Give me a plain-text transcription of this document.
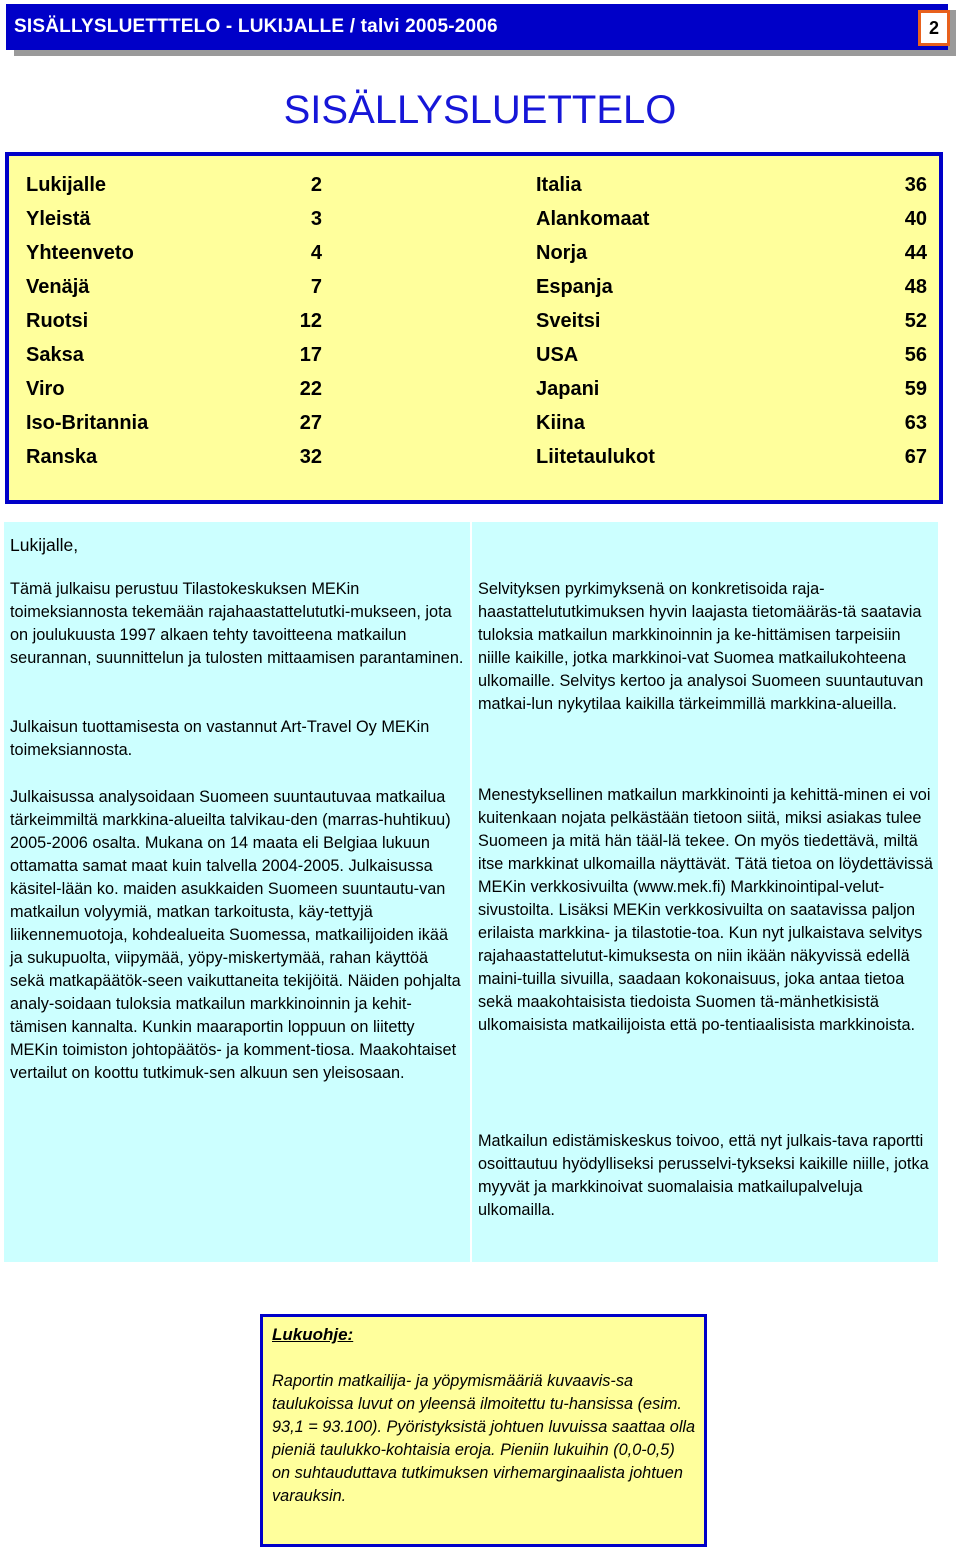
SISÄLLYSLUETTTELO - LUKIJALLE / talvi 2005-2006	2
SISÄLLYSLUETTELO
Lukijalle	2
Yleistä	3
Yhteenveto	4
Venäjä	7
Ruotsi	12
Saksa	17
Viro	22
Iso-Britannia	27
Ranska	32
Italia	36
Alankomaat	40
Norja	44
Espanja	48
Sveitsi	52
USA	56
Japani	59
Kiina	63
Liitetaulukot	67
Lukijalle,
Tämä julkaisu perustuu Tilastokeskuksen MEKin toimeksiannosta tekemään rajahaastattelututki-mukseen, jota on joulukuusta 1997 alkaen tehty tavoitteena matkailun seurannan, suunnittelun ja tulosten mittaamisen parantaminen.
Julkaisun tuottamisesta on vastannut Art-Travel Oy MEKin toimeksiannosta.
Julkaisussa analysoidaan Suomeen suuntautuvaa matkailua tärkeimmiltä markkina-alueilta talvikau-den (marras-huhtikuu) 2005-2006 osalta. Mukana on 14 maata eli Belgiaa lukuun ottamatta samat maat kuin talvella 2004-2005. Julkaisussa käsitel-lään ko. maiden asukkaiden Suomeen suuntautu-van matkailun volyymiä, matkan tarkoitusta, käy-tettyjä liikennemuotoja, kohdealueita Suomessa, matkailijoiden ikää ja sukupuolta, viipymää, yöpy-miskertymää, rahan käyttöä sekä matkapäätök-seen vaikuttaneita tekijöitä. Näiden pohjalta analy-soidaan tuloksia matkailun markkinoinnin ja kehit-tämisen kannalta. Kunkin maaraportin loppuun on liitetty MEKin toimiston johtopäätös- ja komment-tiosa. Maakohtaiset vertailut on koottu tutkimuk-sen alkuun sen yleisosaan.
Selvityksen pyrkimyksenä on konkretisoida raja-haastattelututkimuksen hyvin laajasta tietomääräs-tä saatavia tuloksia matkailun markkinoinnin ja ke-hittämisen tarpeisiin niille kaikille, jotka markkinoi-vat Suomea matkailukohteena ulkomaille. Selvitys kertoo ja analysoi Suomeen suuntautuvan matkai-lun nykytilaa kaikilla tärkeimmillä markkina-alueilla.
Menestyksellinen matkailun markkinointi ja kehittä-minen ei voi kuitenkaan nojata pelkästään tietoon siitä, miksi asiakas tulee Suomeen ja mitä hän tääl-lä tekee. On myös tiedettävä, miltä itse markkinat ulkomailla näyttävät. Tätä tietoa on löydettävissä MEKin verkkosivuilta (www.mek.fi) Markkinointipal-velut-sivustoilta. Lisäksi MEKin verkkosivuilta on saatavissa paljon erilaista markkina- ja tilastotie-toa. Kun nyt julkaistava selvitys rajahaastattelutut-kimuksesta on niin ikään näkyvissä edellä maini-tuilla sivuilla, saadaan kokonaisuus, joka antaa tietoa sekä maakohtaisista tiedoista Suomen tä-mänhetkisistä ulkomaisista matkailijoista että po-tentiaalisista markkinoista.
Matkailun edistämiskeskus toivoo, että nyt julkais-tava raportti osoittautuu hyödylliseksi perusselvi-tykseksi kaikille niille, jotka myyvät ja markkinoivat suomalaisia matkailupalveluja ulkomailla.
Lukuohje:
Raportin matkailija- ja yöpymismääriä kuvaavis-sa taulukoissa luvut on yleensä ilmoitettu tu-hansissa (esim. 93,1 = 93.100). Pyöristyksistä johtuen luvuissa saattaa olla pieniä taulukko-kohtaisia eroja. Pieniin lukuihin (0,0-0,5) on suhtauduttava tutkimuksen virhemarginaalista johtuen varauksin.
